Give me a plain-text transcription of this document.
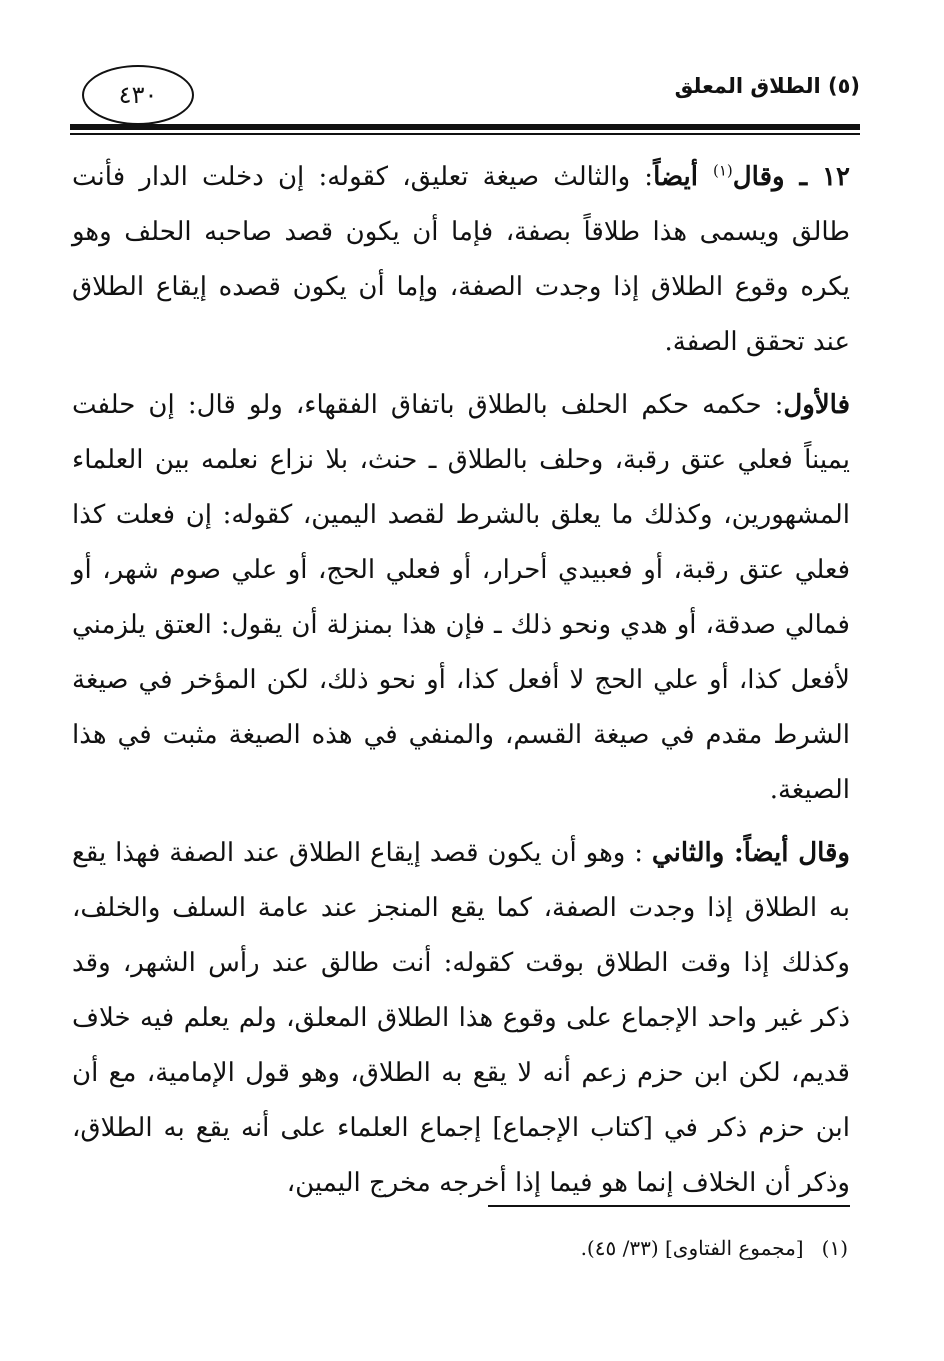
٤٣٠	(٥) الطلاق المعلق

١٢ ـ وقال$^{(١)}$ أيضاً: والثالث صيغة تعليق، كقوله: إن دخلت الدار فأنت طالق ويسمى هذا طلاقاً بصفة، فإما أن يكون قصد صاحبه الحلف وهو يكره وقوع الطلاق إذا وجدت الصفة، وإما أن يكون قصده إيقاع الطلاق عند تحقق الصفة.

فالأول: حكمه حكم الحلف بالطلاق باتفاق الفقهاء، ولو قال: إن حلفت يميناً فعلي عتق رقبة، وحلف بالطلاق ـ حنث، بلا نزاع نعلمه بين العلماء المشهورين، وكذلك ما يعلق بالشرط لقصد اليمين، كقوله: إن فعلت كذا فعلي عتق رقبة، أو فعبيدي أحرار، أو فعلي الحج، أو علي صوم شهر، أو فمالي صدقة، أو هدي ونحو ذلك ـ فإن هذا بمنزلة أن يقول: العتق يلزمني لأفعل كذا، أو علي الحج لا أفعل كذا، أو نحو ذلك، لكن المؤخر في صيغة الشرط مقدم في صيغة القسم، والمنفي في هذه الصيغة مثبت في هذا الصيغة.

وقال أيضاً: والثاني : وهو أن يكون قصد إيقاع الطلاق عند الصفة فهذا يقع به الطلاق إذا وجدت الصفة، كما يقع المنجز عند عامة السلف والخلف، وكذلك إذا وقت الطلاق بوقت كقوله: أنت طالق عند رأس الشهر، وقد ذكر غير واحد الإجماع على وقوع هذا الطلاق المعلق، ولم يعلم فيه خلاف قديم، لكن ابن حزم زعم أنه لا يقع به الطلاق، وهو قول الإمامية، مع أن ابن حزم ذكر في [كتاب الإجماع] إجماع العلماء على أنه يقع به الطلاق، وذكر أن الخلاف إنما هو فيما إذا أخرجه مخرج اليمين،

(١)[مجموع الفتاوى] (٣٣/ ٤٥).
